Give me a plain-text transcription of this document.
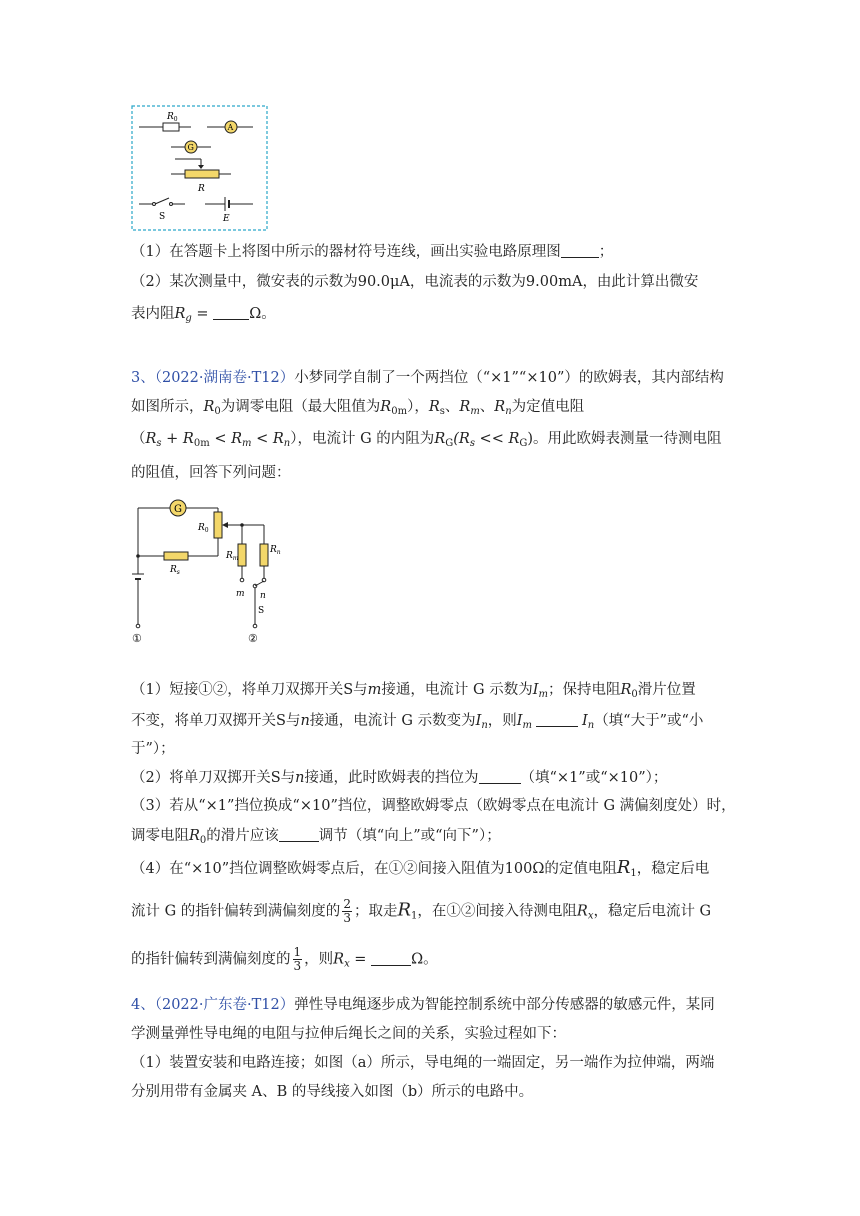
$R_0$
A
G
R
S	E
（1）在答题卡上将图中所示的器材符号连线，画出实验电路原理图	；
（2）某次测量中，微安表的示数为90.0μA，电流表的示数为9.00mA，由此计算出微安
表内阻$R_g = \Omega$。
3、（2022·湖南卷·T12）小梦同学自制了一个两挡位（“×1”“×10”）的欧姆表，其内部结构
如图所示，$R_0$为调零电阻（最大阻值为$R_{0m}$），$R_s$、$R_m$、$R_n$为定值电阻
$(R_s + R_{0m} < R_m < R_n)$，电流计 G 的内阻为$R_G(R_s << R_G)$。用此欧姆表测量一待测电阻
的阻值，回答下列问题：
G
$R_0$
$R_s$
$R_m$
$R_n$
m n
S
①	②
（1）短接①②，将单刀双掷开关S与m接通，电流计 G 示数为$I_m$；保持电阻$R_0$滑片位置
不变，将单刀双掷开关S与n接通，电流计 G 示数变为$I_n$，则$I_m$	$I_n$（填“大于”或“小
于”）；
（2）将单刀双掷开关S与n接通，此时欧姆表的挡位为	（填“×1”或“×10”）；
（3）若从“×1”挡位换成“×10”挡位，调整欧姆零点（欧姆零点在电流计 G 满偏刻度处）时，
调零电阻$R_0$的滑片应该	调节（填“向上”或“向下”）；
（4）在“×10”挡位调整欧姆零点后，在①②间接入阻值为100Ω的定值电阻$R_1$，稳定后电
流计 G 的指针偏转到满偏刻度的 $\frac{2}{3}$ ；取走$R_1$，在①②间接入待测电阻$R_x$，稳定后电流计 G
的指针偏转到满偏刻度的 $\frac{1}{3}$ ，则$R_x$ =	Ω。
4、（2022·广东卷·T12）弹性导电绳逐步成为智能控制系统中部分传感器的敏感元件，某同
学测量弹性导电绳的电阻与拉伸后绳长之间的关系，实验过程如下：
（1）装置安装和电路连接；如图（a）所示，导电绳的一端固定，另一端作为拉伸端，两端
分别用带有金属夹 A、B 的导线接入如图（b）所示的电路中。
